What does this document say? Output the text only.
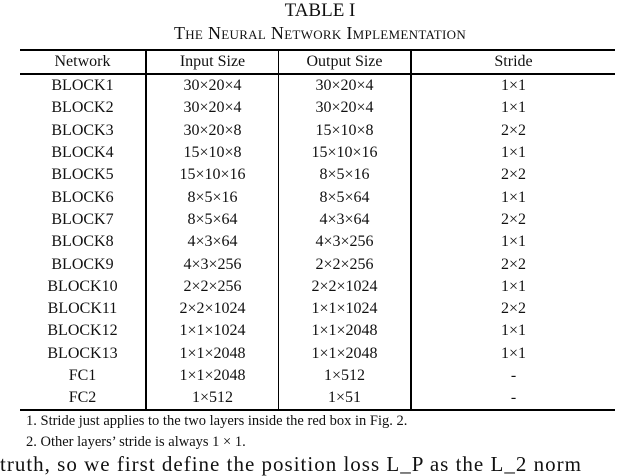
TABLE I
The Neural Network Implementation
Network	Input Size	Output Size	Stride
BLOCK1	30×20×4	30×20×4	1×1
BLOCK2	30×20×4	30×20×4	1×1
BLOCK3	30×20×8	15×10×8	2×2
BLOCK4	15×10×8	15×10×16	1×1
BLOCK5	15×10×16	8×5×16	2×2
BLOCK6	8×5×16	8×5×64	1×1
BLOCK7	8×5×64	4×3×64	2×2
BLOCK8	4×3×64	4×3×256	1×1
BLOCK9	4×3×256	2×2×256	2×2
BLOCK10	2×2×256	2×2×1024	1×1
BLOCK11	2×2×1024	1×1×1024	2×2
BLOCK12	1×1×1024	1×1×2048	1×1
BLOCK13	1×1×2048	1×1×2048	1×1
FC1	1×1×2048	1×512	-
FC2	1×512	1×51	-
1. Stride just applies to the two layers inside the red box in Fig. 2.
2. Other layers’ stride is always 1 × 1.
truth, so we first define the position loss L_P as the L_2 norm
